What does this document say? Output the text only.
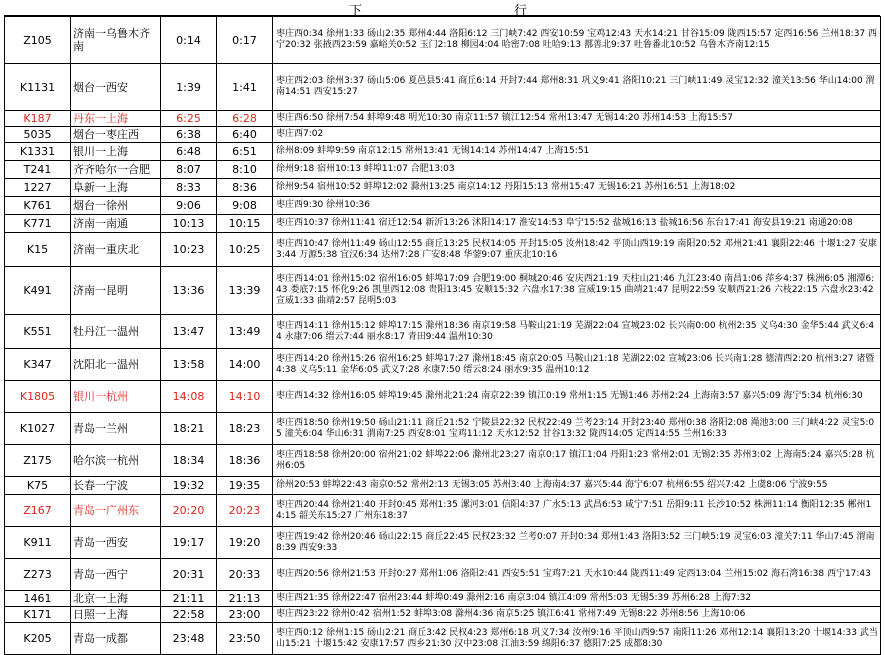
下	行
Z105	济南一乌鲁木齐南	0:14	0:17	枣庄西0:34 徐州1:33 砀山2:35 郑州4:44 洛阳6:12 三门峡7:42 西安10:59 宝鸡12:43 天水14:21 甘谷15:09 陇西15:57 定西16:56 兰州18:37 西宁20:32 张掖西23:59 嘉峪关0:52 玉门2:18 柳园4:04 哈密7:08 吐哈9:13 鄯善北9:37 吐鲁番北10:52 乌鲁木齐南12:15
K1131	烟台一西安	1:39	1:41	枣庄西2:03 徐州3:37 砀山5:06 夏邑县5:41 商丘6:14 开封7:44 郑州8:31 巩义9:41 洛阳10:21 三门峡11:49 灵宝12:32 潼关13:56 华山14:00 渭南14:51 西安15:27
K187	丹东一上海	6:25	6:28	枣庄西6:50 徐州7:54 蚌埠9:48 明光10:30 南京11:57 镇江12:54 常州13:47 无锡14:20 苏州14:53 上海15:57
5035	烟台一枣庄西	6:38	6:40	枣庄西7:02
K1331	银川一上海	6:48	6:51	徐州8:09 蚌埠9:59 南京12:15 常州13:41 无锡14:14 苏州14:47 上海15:51
T241	齐齐哈尔一合肥	8:07	8:10	徐州9:18 宿州10:13 蚌埠11:07 合肥13:03
1227	阜新一上海	8:33	8:36	徐州9:54 宿州10:52 蚌埠12:02 滁州13:25 南京14:12 丹阳15:13 常州15:47 无锡16:21 苏州16:51 上海18:02
K761	烟台一徐州	9:06	9:08	枣庄西9:30 徐州10:36
K771	济南一南通	10:13	10:15	枣庄西10:37 徐州11:41 宿迁12:54 新沂13:26 沭阳14:17 淮安14:53 阜宁15:52 盐城16:13 盐城16:56 东台17:41 海安县19:21 南通20:08
K15	济南一重庆北	10:23	10:25	枣庄西10:47 徐州11:49 砀山12:55 商丘13:25 民权14:05 开封15:05 汝州18:42 平顶山西19:19 南阳20:52 邓州21:41 襄阳22:46 十堰1:27 安康3:44 万源5:38 宜汉6:34 达州7:28 广安8:48 华蓥9:07 重庆北10:16
K491	济南一昆明	13:36	13:39	枣庄西14:01 徐州15:02 宿州16:05 蚌埠17:09 合肥19:00 桐城20:46 安庆西21:19 天柱山21:46 九江23:40 南昌1:06 萍乡4:37 株洲6:05 湘潭6:43 娄底7:15 怀化9:26 凯里西12:08 贵阳13:45 安顺15:32 六盘水17:38 宣威19:15 曲靖21:47 昆明22:59 安顺西21:26 六枝22:15 六盘水23:42 宣威1:33 曲靖2:57 昆明5:03
K551	牡丹江一温州	13:47	13:49	枣庄西14:11 徐州15:12 蚌埠17:15 滁州18:36 南京19:58 马鞍山21:19 芜湖22:04 宣城23:02 长兴南0:00 杭州2:35 义乌4:30 金华5:44 武义6:44 永康7:06 缙云7:44 丽水8:17 青田9:44 温州10:30
K347	沈阳北一温州	13:58	14:00	枣庄西14:20 徐州15:26 宿州16:25 蚌埠17:27 滁州18:45 南京20:05 马鞍山21:18 芜湖22:02 宣城23:06 长兴南1:28 德清西2:20 杭州3:27 诸暨4:38 义乌5:11 金华6:05 武义7:28 永康7:50 缙云8:24 丽水9:35 温州10:12
K1805	银川一杭州	14:08	14:10	枣庄西14:32 徐州16:05 蚌埠19:45 滁州北21:24 南京22:39 镇江0:19 常州1:15 无锡1:46 苏州2:24 上海南3:57 嘉兴5:09 海宁5:34 杭州6:30
K1027	青岛一兰州	18:21	18:23	枣庄西18:50 徐州19:50 砀山21:11 商丘21:52 宁陵县22:32 民权22:49 兰考23:14 开封23:40 郑州0:38 洛阳2:08 渑池3:00 三门峡4:22 灵宝5:05 潼关6:04 华山6:31 渭南7:25 西安8:01 宝鸡11:12 天水12:52 甘谷13:32 陇西14:05 定西14:55 兰州16:33
Z175	哈尔滨一杭州	18:34	18:36	枣庄西18:58 徐州20:00 宿州21:02 蚌埠22:06 滁州北23:27 南京0:17 镇江1:04 丹阳1:23 常州2:01 无锡2:35 苏州3:02 上海南5:24 嘉兴5:28 杭州6:05
K75	长春一宁波	19:32	19:35	徐州20:53 蚌埠22:43 南京0:52 常州2:13 无锡3:05 苏州3:40 上海南4:37 嘉兴5:44 海宁6:07 杭州6:55 绍兴7:42 上虞8:06 宁波9:55
Z167	青岛一广州东	20:20	20:23	枣庄西20:44 徐州21:40 开封0:45 郑州1:35 漯河3:01 信阳4:37 广水5:13 武昌6:53 咸宁7:51 岳阳9:11 长沙10:52 株洲11:14 衡阳12:35 郴州14:15 韶关东15:27 广州东18:37
K911	青岛一西安	19:17	19:20	枣庄西19:42 徐州20:46 砀山22:15 商丘22:45 民权23:32 兰考0:07 开封0:34 郑州1:43 洛阳3:52 三门峡5:19 灵宝6:03 潼关7:11 华山7:45 渭南8:39 西安9:33
Z273	青岛一西宁	20:31	20:33	枣庄西20:56 徐州21:53 开封0:27 郑州1:06 洛阳2:41 西安5:51 宝鸡7:21 天水10:44 陇西11:49 定西13:04 兰州15:02 海石湾16:38 西宁17:43
1461	北京一上海	21:11	21:13	枣庄西21:35 徐州22:47 宿州23:44 蚌埠0:49 滁州2:16 南京3:04 镇江4:09 常州5:03 无锡5:39 苏州6:28 上海7:32
K171	日照一上海	22:58	23:00	枣庄西23:22 徐州0:42 宿州1:52 蚌埠3:08 滁州4:36 南京5:25 镇江6:41 常州7:49 无锡8:22 苏州8:56 上海10:06
K205	青岛一成都	23:48	23:50	枣庄西0:12 徐州1:15 砀山2:21 商丘3:42 民权4:23 郑州6:18 巩义7:34 汝州9:16 平顶山西9:57 南阳11:26 邓州12:14 襄阳13:20 十堰14:33 武当山15:21 十堰15:42 安康17:57 西乡21:30 汉中23:08 江油3:59 绵阳6:37 德阳7:25 成都8:30
